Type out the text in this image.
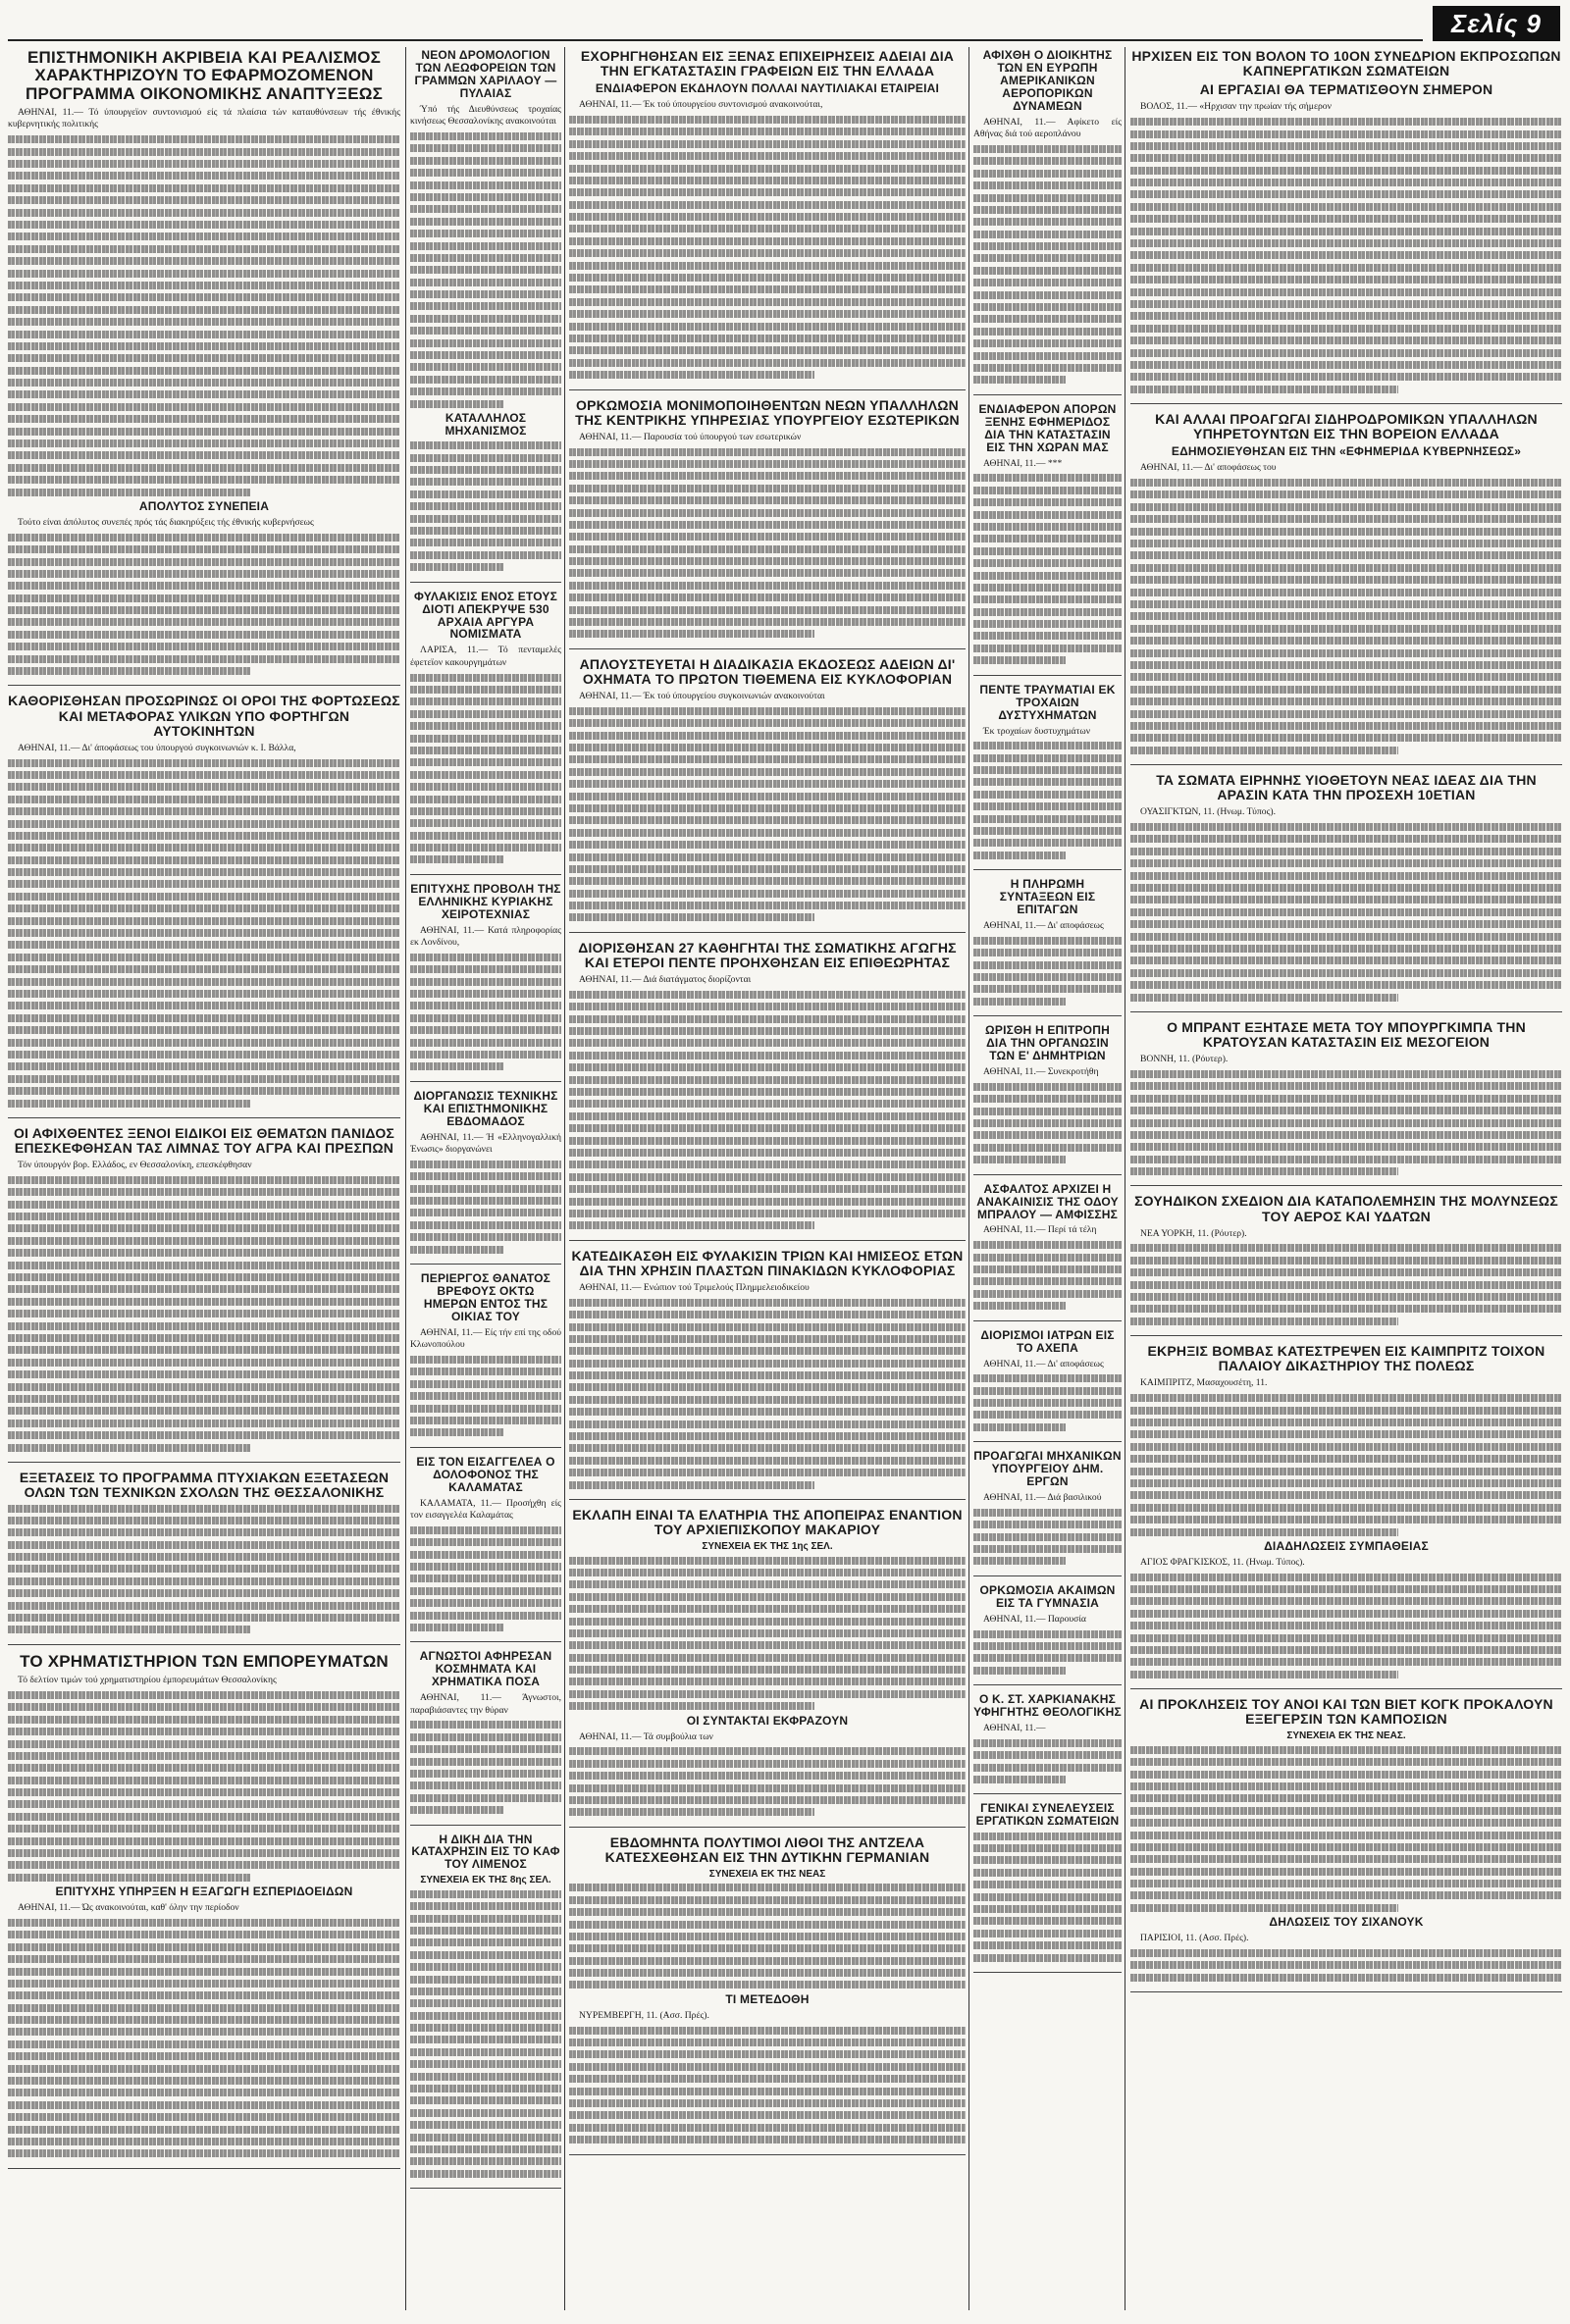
Σελίς 9
ΕΠΙΣΤΗΜΟΝΙΚΗ ΑΚΡΙΒΕΙΑ ΚΑΙ ΡΕΑΛΙΣΜΟΣ ΧΑΡΑΚΤΗΡΙΖΟΥΝ ΤΟ ΕΦΑΡΜΟΖΟΜΕΝΟΝ ΠΡΟΓΡΑΜΜΑ ΟΙΚΟΝΟΜΙΚΗΣ ΑΝΑΠΤΥΞΕΩΣ
ΑΘΗΝΑΙ, 11.— Τό ύπουργεϊον συντονισμού είς τά πλαίσια τών καταυθύνσεων τής έθνικής κυβερνητικής πολιτικής
ΑΠΟΛΥΤΟΣ ΣΥΝΕΠΕΙΑ
Τούτο είναι άπόλυτος συνεπές πρός τάς διακηρύξεις τής έθνικής κυβερνήσεως
ΚΑΘΟΡΙΣΘΗΣΑΝ ΠΡΟΣΩΡΙΝΩΣ ΟΙ ΟΡΟΙ ΤΗΣ ΦΟΡΤΩΣΕΩΣ ΚΑΙ ΜΕΤΑΦΟΡΑΣ ΥΛΙΚΩΝ ΥΠΟ ΦΟΡΤΗΓΩΝ ΑΥΤΟΚΙΝΗΤΩΝ
ΑΘΗΝΑΙ, 11.— Δι' άποφάσεως του ύπουργού συγκοινωνιών κ. Ι. Βάλλα,
ΟΙ ΑΦΙΧΘΕΝΤΕΣ ΞΕΝΟΙ ΕΙΔΙΚΟΙ ΕΙΣ ΘΕΜΑΤΩΝ ΠΑΝΙΔΟΣ ΕΠΕΣΚΕΦΘΗΣΑΝ ΤΑΣ ΛΙΜΝΑΣ ΤΟΥ ΑΓΡΑ ΚΑΙ ΠΡΕΣΠΩΝ
Τόν ύπουργόν βορ. Ελλάδος, εν Θεσσαλονίκη, επεσκέφθησαν
ΕΞΕΤΑΣΕΙΣ ΤΟ ΠΡΟΓΡΑΜΜΑ ΠΤΥΧΙΑΚΩΝ ΕΞΕΤΑΣΕΩΝ ΟΛΩΝ ΤΩΝ ΤΕΧΝΙΚΩΝ ΣΧΟΛΩΝ ΤΗΣ ΘΕΣΣΑΛΟΝΙΚΗΣ
ΤΟ ΧΡΗΜΑΤΙΣΤΗΡΙΟΝ ΤΩΝ ΕΜΠΟΡΕΥΜΑΤΩΝ
Τό δελτίον τιμών τού χρηματιστηρίου έμπορευμάτων Θεσσαλονίκης
ΕΠΙΤΥΧΗΣ ΥΠΗΡΞΕΝ Η ΕΞΑΓΩΓΗ ΕΣΠΕΡΙΔΟΕΙΔΩΝ
ΑΘΗΝΑΙ, 11.— Ώς ανακοινούται, καθ' όλην την περίοδον
ΝΕΟΝ ΔΡΟΜΟΛΟΓΙΟΝ ΤΩΝ ΛΕΩΦΟΡΕΙΩΝ ΤΩΝ ΓΡΑΜΜΩΝ ΧΑΡΙΛΑΟΥ — ΠΥΛΑΙΑΣ
Ύπό τής Διευθύνσεως τροχαίας κινήσεως Θεσσαλονίκης ανακοινούται
ΚΑΤΑΛΛΗΛΟΣ ΜΗΧΑΝΙΣΜΟΣ
ΦΥΛΑΚΙΣΙΣ ΕΝΟΣ ΕΤΟΥΣ ΔΙΟΤΙ ΑΠΕΚΡΥΨΕ 530 ΑΡΧΑΙΑ ΑΡΓΥΡΑ ΝΟΜΙΣΜΑΤΑ
ΛΑΡΙΣΑ, 11.— Τό πενταμελές έφετεϊον κακουργημάτων
ΕΠΙΤΥΧΗΣ ΠΡΟΒΟΛΗ ΤΗΣ ΕΛΛΗΝΙΚΗΣ ΚΥΡΙΑΚΗΣ ΧΕΙΡΟΤΕΧΝΙΑΣ
ΑΘΗΝΑΙ, 11.— Κατά πληροφορίας εκ Λονδίνου,
ΔΙΟΡΓΑΝΩΣΙΣ ΤΕΧΝΙΚΗΣ ΚΑΙ ΕΠΙΣΤΗΜΟΝΙΚΗΣ ΕΒΔΟΜΑΔΟΣ
ΑΘΗΝΑΙ, 11.— Ή «Ελληνογαλλική Ένωσις» διοργανώνει
ΠΕΡΙΕΡΓΟΣ ΘΑΝΑΤΟΣ ΒΡΕΦΟΥΣ ΟΚΤΩ ΗΜΕΡΩΝ ΕΝΤΟΣ ΤΗΣ ΟΙΚΙΑΣ ΤΟΥ
ΑΘΗΝΑΙ, 11.— Είς τήν επί της οδού Κλωνοπούλου
ΕΙΣ ΤΟΝ ΕΙΣΑΓΓΕΛΕΑ Ο ΔΟΛΟΦΟΝΟΣ ΤΗΣ ΚΑΛΑΜΑΤΑΣ
ΚΑΛΑΜΑΤΑ, 11.— Προσήχθη είς τον εισαγγελέα Καλαμάτας
ΑΓΝΩΣΤΟΙ ΑΦΗΡΕΣΑΝ ΚΟΣΜΗΜΑΤΑ ΚΑΙ ΧΡΗΜΑΤΙΚΑ ΠΟΣΑ
ΑΘΗΝΑΙ, 11.— Άγνωστοι, παραβιάσαντες την θύραν
Η ΔΙΚΗ ΔΙΑ ΤΗΝ ΚΑΤΑΧΡΗΣΙΝ ΕΙΣ ΤΟ ΚΑΦ ΤΟΥ ΛΙΜΕΝΟΣ
ΣΥΝΕΧΕΙΑ ΕΚ ΤΗΣ 8ης ΣΕΛ.
ΕΧΟΡΗΓΗΘΗΣΑΝ ΕΙΣ ΞΕΝΑΣ ΕΠΙΧΕΙΡΗΣΕΙΣ ΑΔΕΙΑΙ ΔΙΑ ΤΗΝ ΕΓΚΑΤΑΣΤΑΣΙΝ ΓΡΑΦΕΙΩΝ ΕΙΣ ΤΗΝ ΕΛΛΑΔΑ
ΕΝΔΙΑΦΕΡΟΝ ΕΚΔΗΛΟΥΝ ΠΟΛΛΑΙ ΝΑΥΤΙΛΙΑΚΑΙ ΕΤΑΙΡΕΙΑΙ
ΑΘΗΝΑΙ, 11.— Έκ τού ύπουργείου συντονισμού ανακοινούται,
ΟΡΚΩΜΟΣΙΑ ΜΟΝΙΜΟΠΟΙΗΘΕΝΤΩΝ ΝΕΩΝ ΥΠΑΛΛΗΛΩΝ ΤΗΣ ΚΕΝΤΡΙΚΗΣ ΥΠΗΡΕΣΙΑΣ ΥΠΟΥΡΓΕΙΟΥ ΕΣΩΤΕΡΙΚΩΝ
ΑΘΗΝΑΙ, 11.— Παρουσία τού ύπουργού των εσωτερικών
ΑΠΛΟΥΣΤΕΥΕΤΑΙ Η ΔΙΑΔΙΚΑΣΙΑ ΕΚΔΟΣΕΩΣ ΑΔΕΙΩΝ ΔΙ' ΟΧΗΜΑΤΑ ΤΟ ΠΡΩΤΟΝ ΤΙΘΕΜΕΝΑ ΕΙΣ ΚΥΚΛΟΦΟΡΙΑΝ
ΑΘΗΝΑΙ, 11.— Έκ τού ύπουργείου συγκοινωνιών ανακοινούται
ΔΙΟΡΙΣΘΗΣΑΝ 27 ΚΑΘΗΓΗΤΑΙ ΤΗΣ ΣΩΜΑΤΙΚΗΣ ΑΓΩΓΗΣ ΚΑΙ ΕΤΕΡΟΙ ΠΕΝΤΕ ΠΡΟΗΧΘΗΣΑΝ ΕΙΣ ΕΠΙΘΕΩΡΗΤΑΣ
ΑΘΗΝΑΙ, 11.— Διά διατάγματος διορίζονται
ΚΑΤΕΔΙΚΑΣΘΗ ΕΙΣ ΦΥΛΑΚΙΣΙΝ ΤΡΙΩΝ ΚΑΙ ΗΜΙΣΕΟΣ ΕΤΩΝ ΔΙΑ ΤΗΝ ΧΡΗΣΙΝ ΠΛΑΣΤΩΝ ΠΙΝΑΚΙΔΩΝ ΚΥΚΛΟΦΟΡΙΑΣ
ΑΘΗΝΑΙ, 11.— Ενώπιον τού Τριμελούς Πλημμελειοδικείου
ΕΚΛΑΠΗ ΕΙΝΑΙ ΤΑ ΕΛΑΤΗΡΙΑ ΤΗΣ ΑΠΟΠΕΙΡΑΣ ΕΝΑΝΤΙΟΝ ΤΟΥ ΑΡΧΙΕΠΙΣΚΟΠΟΥ ΜΑΚΑΡΙΟΥ
ΣΥΝΕΧΕΙΑ ΕΚ ΤΗΣ 1ης ΣΕΛ.
ΟΙ ΣΥΝΤΑΚΤΑΙ ΕΚΦΡΑΖΟΥΝ
ΑΘΗΝΑΙ, 11.— Τά συμβούλια των
ΕΒΔΟΜΗΝΤΑ ΠΟΛΥΤΙΜΟΙ ΛΙΘΟΙ ΤΗΣ ΑΝΤΖΕΛΑ ΚΑΤΕΣΧΕΘΗΣΑΝ ΕΙΣ ΤΗΝ ΔΥΤΙΚΗΝ ΓΕΡΜΑΝΙΑΝ
ΣΥΝΕΧΕΙΑ ΕΚ ΤΗΣ ΝΕΑΣ
ΤΙ ΜΕΤΕΔΟΘΗ
ΝΥΡΕΜΒΕΡΓΗ, 11. (Ασσ. Πρές).
ΑΦΙΧΘΗ Ο ΔΙΟΙΚΗΤΗΣ ΤΩΝ ΕΝ ΕΥΡΩΠΗ ΑΜΕΡΙΚΑΝΙΚΩΝ ΑΕΡΟΠΟΡΙΚΩΝ ΔΥΝΑΜΕΩΝ
ΑΘΗΝΑΙ, 11.— Αφίκετο είς Αθήνας διά τού αεροπλάνου
ΕΝΔΙΑΦΕΡΟΝ ΑΠΟΡΩΝ ΞΕΝΗΣ ΕΦΗΜΕΡΙΔΟΣ ΔΙΑ ΤΗΝ ΚΑΤΑΣΤΑΣΙΝ ΕΙΣ ΤΗΝ ΧΩΡΑΝ ΜΑΣ
ΑΘΗΝΑΙ, 11.— ***
ΠΕΝΤΕ ΤΡΑΥΜΑΤΙΑΙ ΕΚ ΤΡΟΧΑΙΩΝ ΔΥΣΤΥΧΗΜΑΤΩΝ
Έκ τροχαίων δυστυχημάτων
Η ΠΛΗΡΩΜΗ ΣΥΝΤΑΞΕΩΝ ΕΙΣ ΕΠΙΤΑΓΩΝ
ΑΘΗΝΑΙ, 11.— Δι' αποφάσεως
ΩΡΙΣΘΗ Η ΕΠΙΤΡΟΠΗ ΔΙΑ ΤΗΝ ΟΡΓΑΝΩΣΙΝ ΤΩΝ Ε' ΔΗΜΗΤΡΙΩΝ
ΑΘΗΝΑΙ, 11.— Συνεκροτήθη
ΑΣΦΑΛΤΟΣ ΑΡΧΙΖΕΙ Η ΑΝΑΚΑΙΝΙΣΙΣ ΤΗΣ ΟΔΟΥ ΜΠΡΑΛΟΥ — ΑΜΦΙΣΣΗΣ
ΑΘΗΝΑΙ, 11.— Περί τά τέλη
ΔΙΟΡΙΣΜΟΙ ΙΑΤΡΩΝ ΕΙΣ ΤΟ ΑΧΕΠΑ
ΑΘΗΝΑΙ, 11.— Δι' αποφάσεως
ΠΡΟΑΓΩΓΑΙ ΜΗΧΑΝΙΚΩΝ ΥΠΟΥΡΓΕΙΟΥ ΔΗΜ. ΕΡΓΩΝ
ΑΘΗΝΑΙ, 11.— Διά βασιλικού
ΟΡΚΩΜΟΣΙΑ ΑΚΑΙΜΩΝ ΕΙΣ ΤΑ ΓΥΜΝΑΣΙΑ
ΑΘΗΝΑΙ, 11.— Παρουσία
Ο Κ. ΣΤ. ΧΑΡΚΙΑΝΑΚΗΣ ΥΦΗΓΗΤΗΣ ΘΕΟΛΟΓΙΚΗΣ
ΑΘΗΝΑΙ, 11.—
ΓΕΝΙΚΑΙ ΣΥΝΕΛΕΥΣΕΙΣ ΕΡΓΑΤΙΚΩΝ ΣΩΜΑΤΕΙΩΝ
ΗΡΧΙΣΕΝ ΕΙΣ ΤΟΝ ΒΟΛΟΝ ΤΟ 10ΟΝ ΣΥΝΕΔΡΙΟΝ ΕΚΠΡΟΣΩΠΩΝ ΚΑΠΝΕΡΓΑΤΙΚΩΝ ΣΩΜΑΤΕΙΩΝ
ΑΙ ΕΡΓΑΣΙΑΙ ΘΑ ΤΕΡΜΑΤΙΣΘΟΥΝ ΣΗΜΕΡΟΝ
ΒΟΛΟΣ, 11.— «Ηρχισαν την πρωίαν τής σήμερον
ΚΑΙ ΑΛΛΑΙ ΠΡΟΑΓΩΓΑΙ ΣΙΔΗΡΟΔΡΟΜΙΚΩΝ ΥΠΑΛΛΗΛΩΝ ΥΠΗΡΕΤΟΥΝΤΩΝ ΕΙΣ ΤΗΝ ΒΟΡΕΙΟΝ ΕΛΛΑΔΑ
ΕΔΗΜΟΣΙΕΥΘΗΣΑΝ ΕΙΣ ΤΗΝ «ΕΦΗΜΕΡΙΔΑ ΚΥΒΕΡΝΗΣΕΩΣ»
ΑΘΗΝΑΙ, 11.— Δι' αποφάσεως του
ΤΑ ΣΩΜΑΤΑ ΕΙΡΗΝΗΣ ΥΙΟΘΕΤΟΥΝ ΝΕΑΣ ΙΔΕΑΣ ΔΙΑ ΤΗΝ ΑΡΑΣΙΝ ΚΑΤΑ ΤΗΝ ΠΡΟΣΕΧΗ 10ΕΤΙΑΝ
ΟΥΑΣΙΓΚΤΩΝ, 11. (Ηνωμ. Τύπος).
Ο ΜΠΡΑΝΤ ΕΞΗΤΑΣΕ ΜΕΤΑ ΤΟΥ ΜΠΟΥΡΓΚΙΜΠΑ ΤΗΝ ΚΡΑΤΟΥΣΑΝ ΚΑΤΑΣΤΑΣΙΝ ΕΙΣ ΜΕΣΟΓΕΙΟΝ
ΒΟΝΝΗ, 11. (Ρόυτερ).
ΣΟΥΗΔΙΚΟΝ ΣΧΕΔΙΟΝ ΔΙΑ ΚΑΤΑΠΟΛΕΜΗΣΙΝ ΤΗΣ ΜΟΛΥΝΣΕΩΣ ΤΟΥ ΑΕΡΟΣ ΚΑΙ ΥΔΑΤΩΝ
ΝΕΑ ΥΟΡΚΗ, 11. (Ρόυτερ).
ΕΚΡΗΞΙΣ ΒΟΜΒΑΣ ΚΑΤΕΣΤΡΕΨΕΝ ΕΙΣ ΚΑΙΜΠΡΙΤΖ ΤΟΙΧΟΝ ΠΑΛΑΙΟΥ ΔΙΚΑΣΤΗΡΙΟΥ ΤΗΣ ΠΟΛΕΩΣ
ΚΑΙΜΠΡΙΤΖ, Μασαχουσέτη, 11.
ΔΙΑΔΗΛΩΣΕΙΣ ΣΥΜΠΑΘΕΙΑΣ
ΑΓΙΟΣ ΦΡΑΓΚΙΣΚΟΣ, 11. (Ηνωμ. Τύπος).
ΑΙ ΠΡΟΚΛΗΣΕΙΣ ΤΟΥ ΑΝΟΙ ΚΑΙ ΤΩΝ ΒΙΕΤ ΚΟΓΚ ΠΡΟΚΑΛΟΥΝ ΕΞΕΓΕΡΣΙΝ ΤΩΝ ΚΑΜΠΟΣΙΩΝ
ΣΥΝΕΧΕΙΑ ΕΚ ΤΗΣ ΝΕΑΣ.
ΔΗΛΩΣΕΙΣ ΤΟΥ ΣΙΧΑΝΟΥΚ
ΠΑΡΙΣΙΟΙ, 11. (Ασσ. Πρές).
